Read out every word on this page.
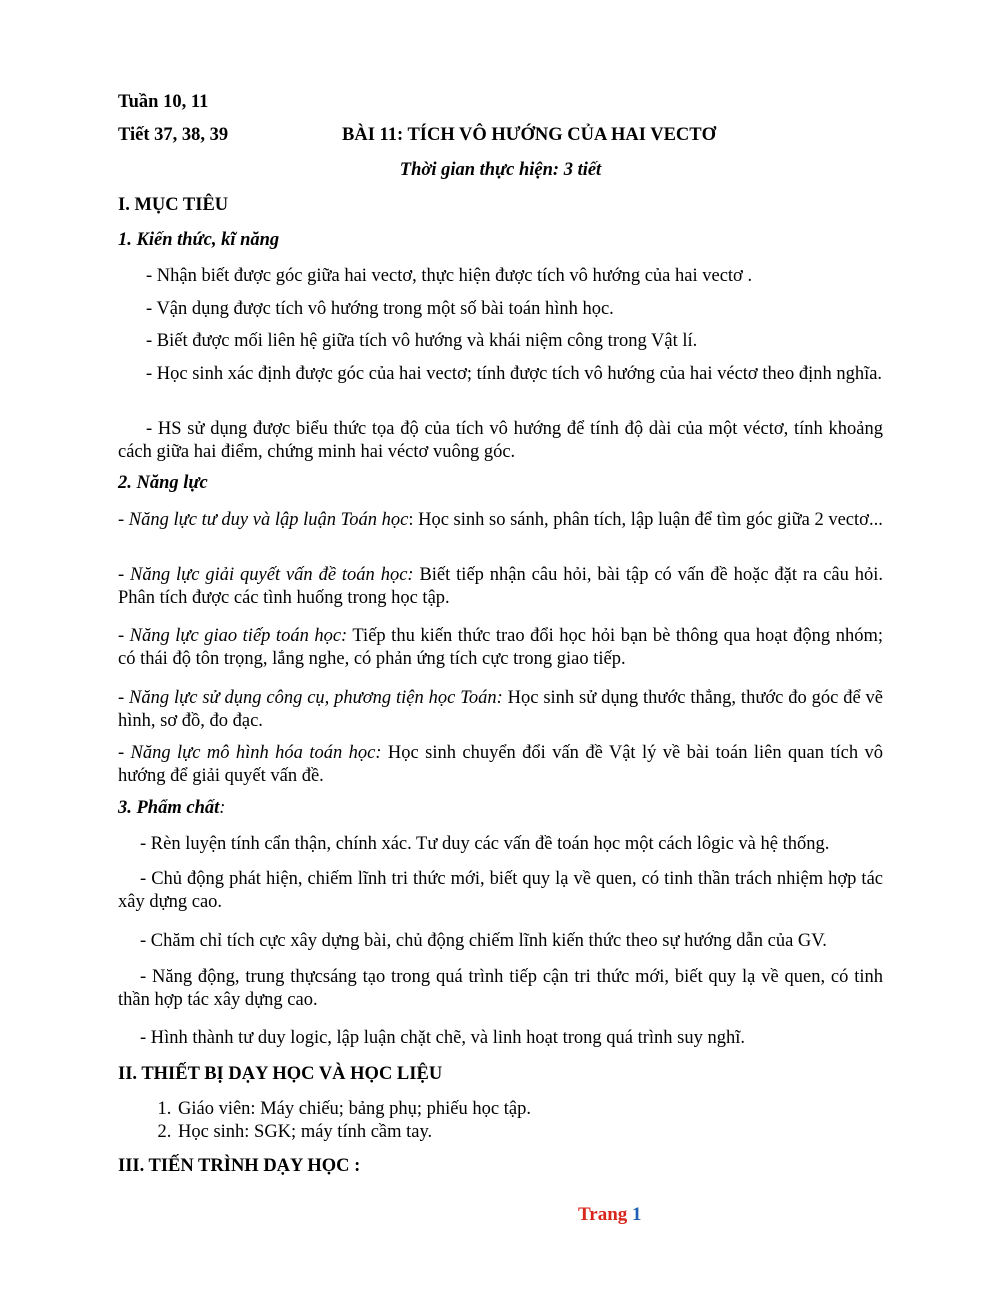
Tuần 10, 11
Tiết 37, 38, 39	BÀI 11: TÍCH VÔ HƯỚNG CỦA HAI VECTƠ
Thời gian thực hiện: 3 tiết
I. MỤC TIÊU
1. Kiến thức, kĩ năng
- Nhận biết được góc giữa hai vectơ, thực hiện được tích vô hướng của hai vectơ .
- Vận dụng được tích vô hướng trong một số bài toán hình học.
- Biết được mối liên hệ giữa tích vô hướng và khái niệm công trong Vật lí.
- Học sinh xác định được góc của hai vectơ; tính được tích vô hướng của hai véctơ theo định nghĩa.
- HS sử dụng được biểu thức tọa độ của tích vô hướng để tính độ dài của một véctơ, tính khoảng cách giữa hai điểm, chứng minh hai véctơ vuông góc.
2. Năng lực
- Năng lực tư duy và lập luận Toán học: Học sinh so sánh, phân tích, lập luận để tìm góc giữa 2 vectơ...
- Năng lực giải quyết vấn đề toán học: Biết tiếp nhận câu hỏi, bài tập có vấn đề hoặc đặt ra câu hỏi. Phân tích được các tình huống trong học tập.
- Năng lực giao tiếp toán học: Tiếp thu kiến thức trao đổi học hỏi bạn bè thông qua hoạt động nhóm; có thái độ tôn trọng, lắng nghe, có phản ứng tích cực trong giao tiếp.
- Năng lực sử dụng công cụ, phương tiện học Toán: Học sinh sử dụng thước thẳng, thước đo góc để vẽ hình, sơ đồ, đo đạc.
- Năng lực mô hình hóa toán học: Học sinh chuyển đổi vấn đề Vật lý về bài toán liên quan tích vô hướng để giải quyết vấn đề.
3. Phẩm chất:
- Rèn luyện tính cẩn thận, chính xác. Tư duy các vấn đề toán học một cách lôgic và hệ thống.
- Chủ động phát hiện, chiếm lĩnh tri thức mới, biết quy lạ về quen, có tinh thần trách nhiệm hợp tác xây dựng cao.
- Chăm chỉ tích cực xây dựng bài, chủ động chiếm lĩnh kiến thức theo sự hướng dẫn của GV.
- Năng động, trung thựcsáng tạo trong quá trình tiếp cận tri thức mới, biết quy lạ về quen, có tinh thần hợp tác xây dựng cao.
- Hình thành tư duy logic, lập luận chặt chẽ, và linh hoạt trong quá trình suy nghĩ.
II. THIẾT BỊ DẠY HỌC VÀ HỌC LIỆU
1. Giáo viên: Máy chiếu; bảng phụ; phiếu học tập.
2. Học sinh: SGK; máy tính cầm tay.
III. TIẾN TRÌNH DẠY HỌC :
Trang 1
